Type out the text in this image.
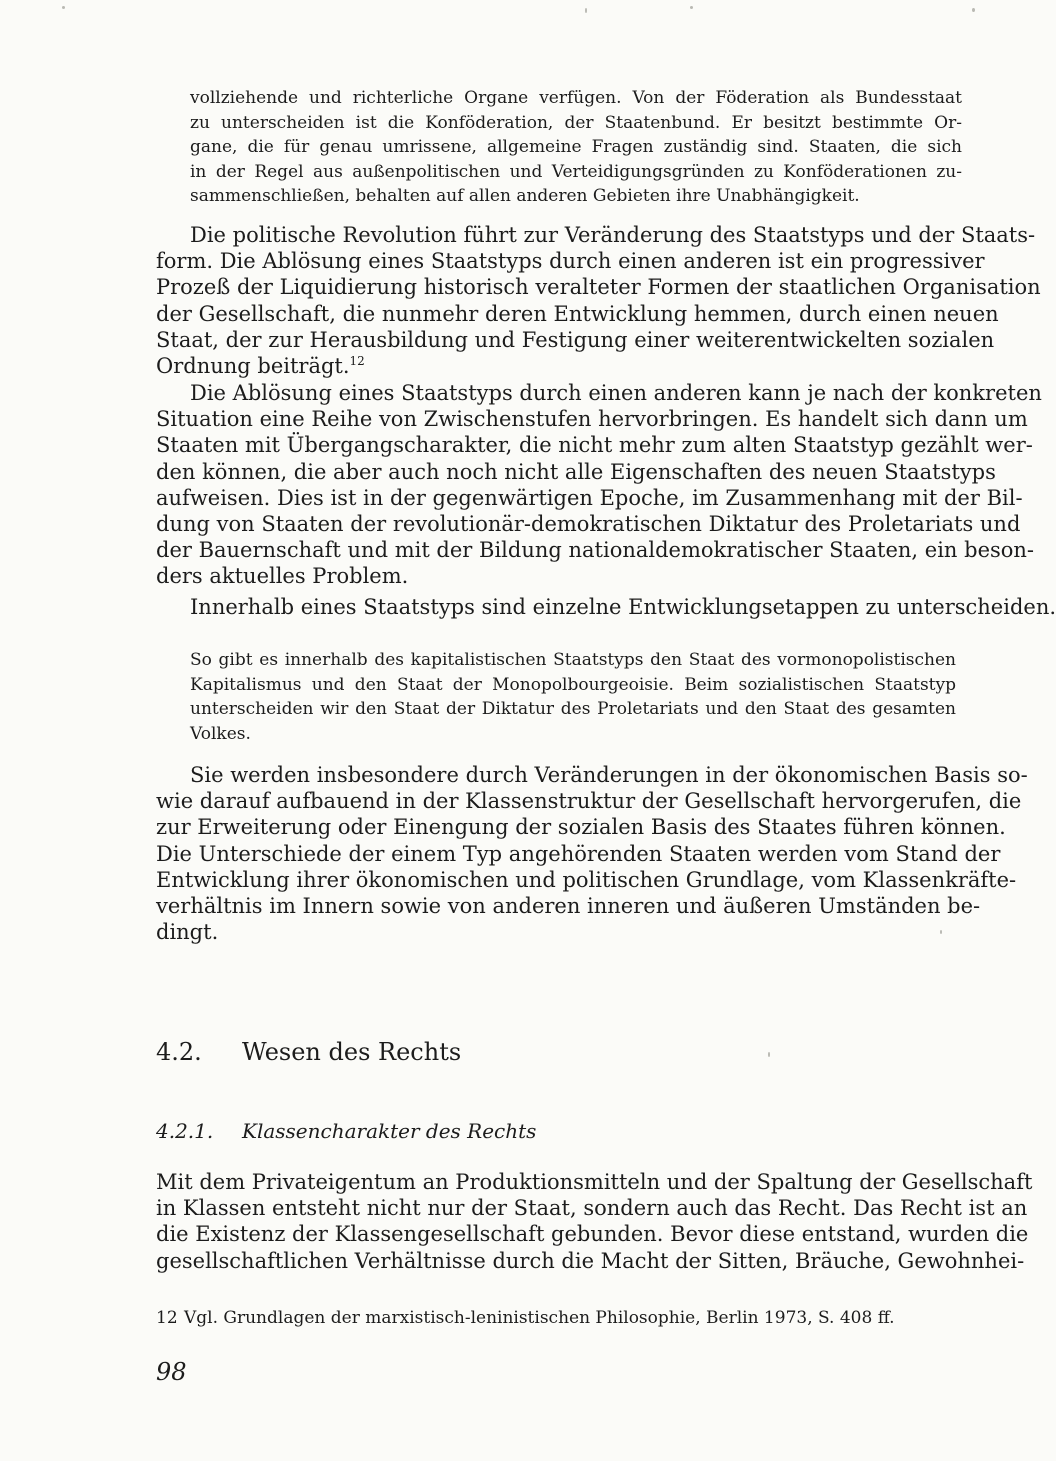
vollziehende und richterliche Organe verfügen. Von der Föderation als Bundesstaat
zu unterscheiden ist die Konföderation, der Staatenbund. Er besitzt bestimmte Or-
gane, die für genau umrissene, allgemeine Fragen zuständig sind. Staaten, die sich
in der Regel aus außenpolitischen und Verteidigungsgründen zu Konföderationen zu-
sammenschließen, behalten auf allen anderen Gebieten ihre Unabhängigkeit.
Die politische Revolution führt zur Veränderung des Staatstyps und der Staats-
form. Die Ablösung eines Staatstyps durch einen anderen ist ein progressiver
Prozeß der Liquidierung historisch veralteter Formen der staatlichen Organisation
der Gesellschaft, die nunmehr deren Entwicklung hemmen, durch einen neuen
Staat, der zur Herausbildung und Festigung einer weiterentwickelten sozialen
Ordnung beiträgt.$^{12}$
Die Ablösung eines Staatstyps durch einen anderen kann je nach der konkreten
Situation eine Reihe von Zwischenstufen hervorbringen. Es handelt sich dann um
Staaten mit Übergangscharakter, die nicht mehr zum alten Staatstyp gezählt wer-
den können, die aber auch noch nicht alle Eigenschaften des neuen Staatstyps
aufweisen. Dies ist in der gegenwärtigen Epoche, im Zusammenhang mit der Bil-
dung von Staaten der revolutionär-demokratischen Diktatur des Proletariats und
der Bauernschaft und mit der Bildung nationaldemokratischer Staaten, ein beson-
ders aktuelles Problem.
Innerhalb eines Staatstyps sind einzelne Entwicklungsetappen zu unterscheiden.
So gibt es innerhalb des kapitalistischen Staatstyps den Staat des vormonopolistischen
Kapitalismus und den Staat der Monopolbourgeoisie. Beim sozialistischen Staatstyp
unterscheiden wir den Staat der Diktatur des Proletariats und den Staat des gesamten
Volkes.
Sie werden insbesondere durch Veränderungen in der ökonomischen Basis so-
wie darauf aufbauend in der Klassenstruktur der Gesellschaft hervorgerufen, die
zur Erweiterung oder Einengung der sozialen Basis des Staates führen können.
Die Unterschiede der einem Typ angehörenden Staaten werden vom Stand der
Entwicklung ihrer ökonomischen und politischen Grundlage, vom Klassenkräfte-
verhältnis im Innern sowie von anderen inneren und äußeren Umständen be-
dingt.
4.2. Wesen des Rechts
4.2.1. Klassencharakter des Rechts
Mit dem Privateigentum an Produktionsmitteln und der Spaltung der Gesellschaft
in Klassen entsteht nicht nur der Staat, sondern auch das Recht. Das Recht ist an
die Existenz der Klassengesellschaft gebunden. Bevor diese entstand, wurden die
gesellschaftlichen Verhältnisse durch die Macht der Sitten, Bräuche, Gewohnhei-
12 Vgl. Grundlagen der marxistisch-leninistischen Philosophie, Berlin 1973, S. 408 ff.
98
